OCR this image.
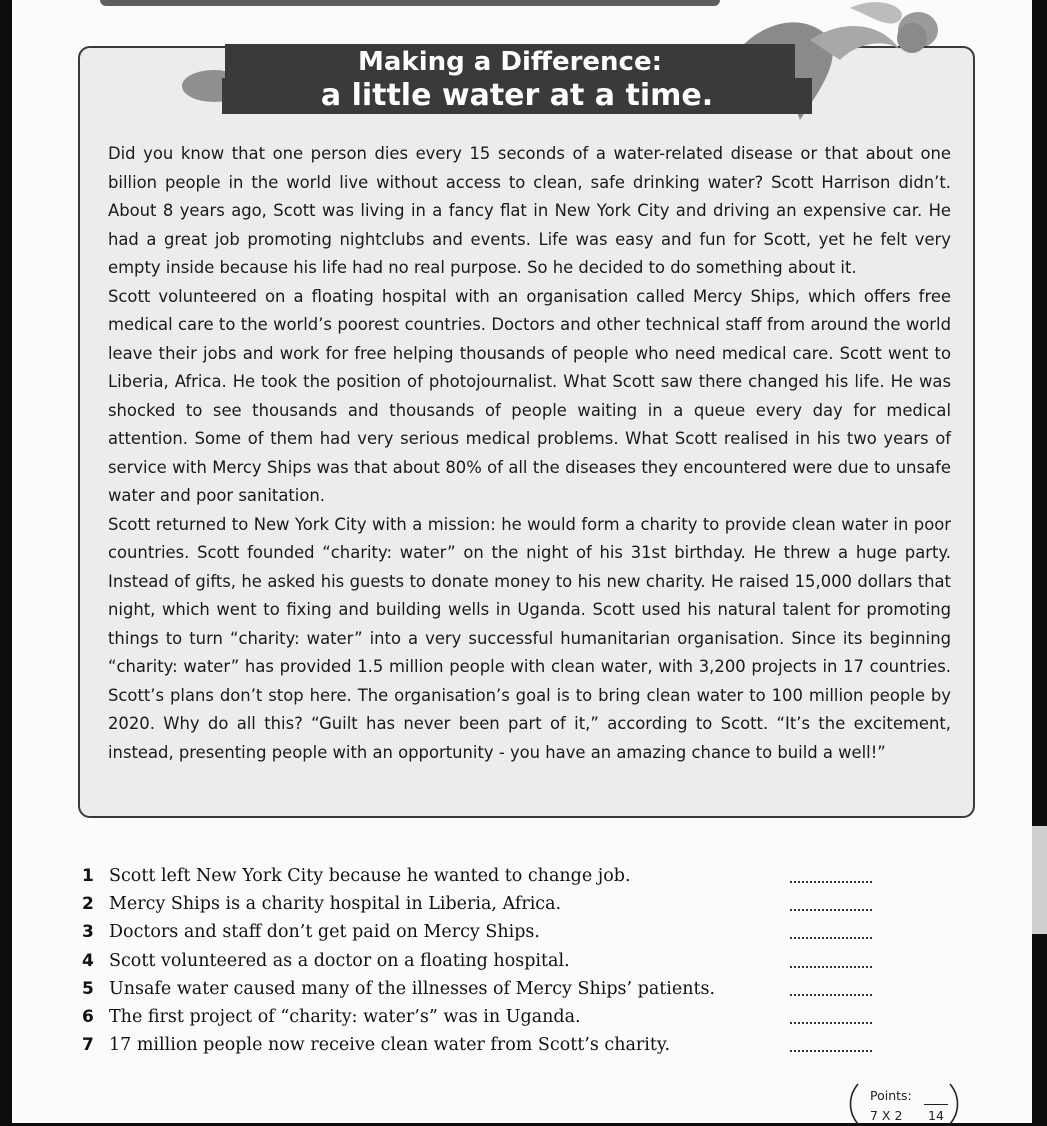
Making a Difference:
a little water at a time.

Did you know that one person dies every 15 seconds of a water-related disease or that about one billion people in the world live without access to clean, safe drinking water? Scott Harrison didn’t. About 8 years ago, Scott was living in a fancy flat in New York City and driving an expensive car. He had a great job promoting nightclubs and events. Life was easy and fun for Scott, yet he felt very empty inside because his life had no real purpose. So he decided to do something about it.

Scott volunteered on a floating hospital with an organisation called Mercy Ships, which offers free medical care to the world’s poorest countries. Doctors and other technical staff from around the world leave their jobs and work for free helping thousands of people who need medical care. Scott went to Liberia, Africa. He took the position of photojournalist. What Scott saw there changed his life. He was shocked to see thousands and thousands of people waiting in a queue every day for medical attention. Some of them had very serious medical problems. What Scott realised in his two years of service with Mercy Ships was that about 80% of all the diseases they encountered were due to unsafe water and poor sanitation.

Scott returned to New York City with a mission: he would form a charity to provide clean water in poor countries. Scott founded “charity: water” on the night of his 31st birthday. He threw a huge party. Instead of gifts, he asked his guests to donate money to his new charity. He raised 15,000 dollars that night, which went to fixing and building wells in Uganda. Scott used his natural talent for promoting things to turn “charity: water” into a very successful humanitarian organisation. Since its beginning “charity: water” has provided 1.5 million people with clean water, with 3,200 projects in 17 countries. Scott’s plans don’t stop here. The organisation’s goal is to bring clean water to 100 million people by 2020. Why do all this? “Guilt has never been part of it,” according to Scott. “It’s the excitement, instead, presenting people with an opportunity - you have an amazing chance to build a well!”

1 Scott left New York City because he wanted to change job.
2 Mercy Ships is a charity hospital in Liberia, Africa.
3 Doctors and staff don’t get paid on Mercy Ships.
4 Scott volunteered as a doctor on a floating hospital.
5 Unsafe water caused many of the illnesses of Mercy Ships’ patients.
6 The first project of “charity: water’s” was in Uganda.
7 17 million people now receive clean water from Scott’s charity.
Points:
7 X 2 14
